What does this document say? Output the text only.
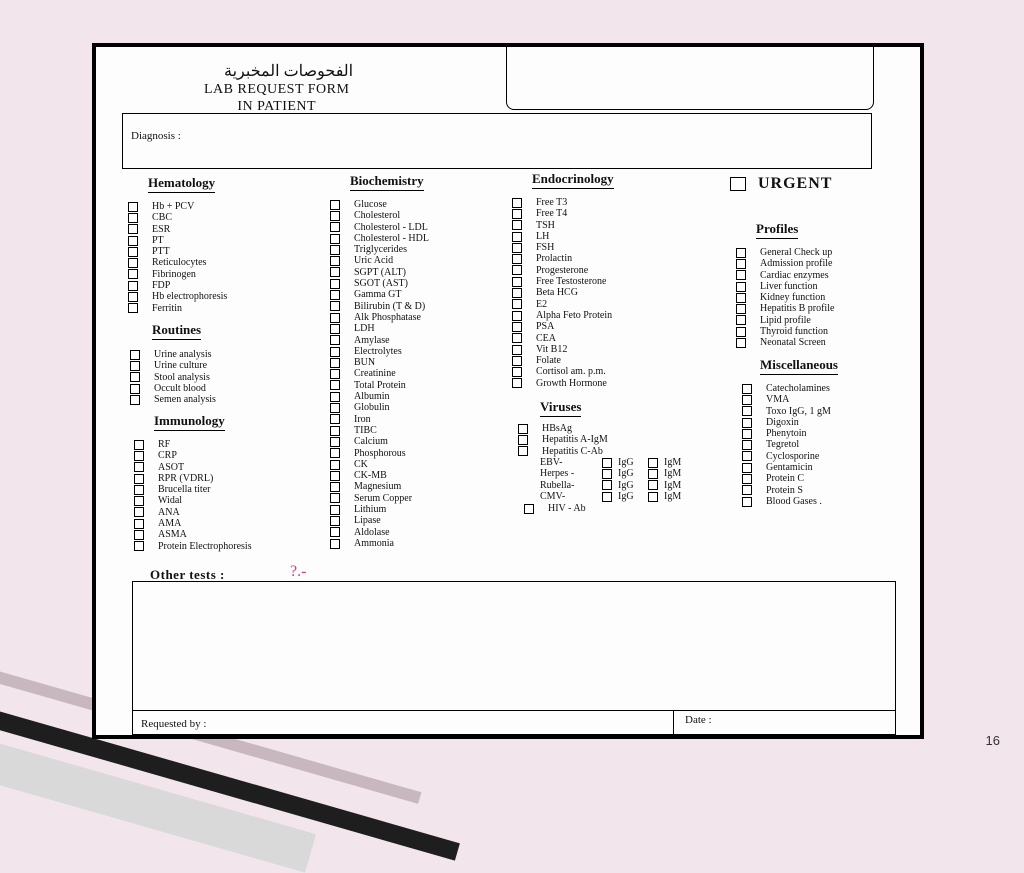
الفحوصات المخبرية
LAB REQUEST FORM
IN PATIENT
Diagnosis :
Hematology
Hb + PCV
CBC
ESR
PT
PTT
Reticulocytes
Fibrinogen
FDP
Hb electrophoresis
Ferritin
Routines
Urine analysis
Urine culture
Stool analysis
Occult blood
Semen analysis
Immunology
RF
CRP
ASOT
RPR (VDRL)
Brucella titer
Widal
ANA
AMA
ASMA
Protein Electrophoresis
Biochemistry
Glucose
Cholesterol
Cholesterol - LDL
Cholesterol - HDL
Triglycerides
Uric Acid
SGPT (ALT)
SGOT (AST)
Gamma GT
Bilirubin (T & D)
Alk Phosphatase
LDH
Amylase
Electrolytes
BUN
Creatinine
Total Protein
Albumin
Globulin
Iron
TIBC
Calcium
Phosphorous
CK
CK-MB
Magnesium
Serum Copper
Lithium
Lipase
Aldolase
Ammonia
Endocrinology
Free T3
Free T4
TSH
LH
FSH
Prolactin
Progesterone
Free Testosterone
Beta HCG
E2
Alpha Feto Protein
PSA
CEA
Vit B12
Folate
Cortisol am. p.m.
Growth Hormone
Viruses
HBsAg
Hepatitis A-IgM
Hepatitis C-Ab
EBV-	IgG	IgM
Herpes -	IgG	IgM
Rubella-	IgG	IgM
CMV-	IgG	IgM
HIV - Ab
URGENT
Profiles
General Check up
Admission profile
Cardiac enzymes
Liver function
Kidney function
Hepatitis B profile
Lipid profile
Thyroid function
Neonatal Screen
Miscellaneous
Catecholamines
VMA
Toxo IgG, 1 gM
Digoxin
Phenytoin
Tegretol
Cyclosporine
Gentamicin
Protein C
Protein S
Blood Gases .
Other tests :	?.-
Requested by :	Date :
16
